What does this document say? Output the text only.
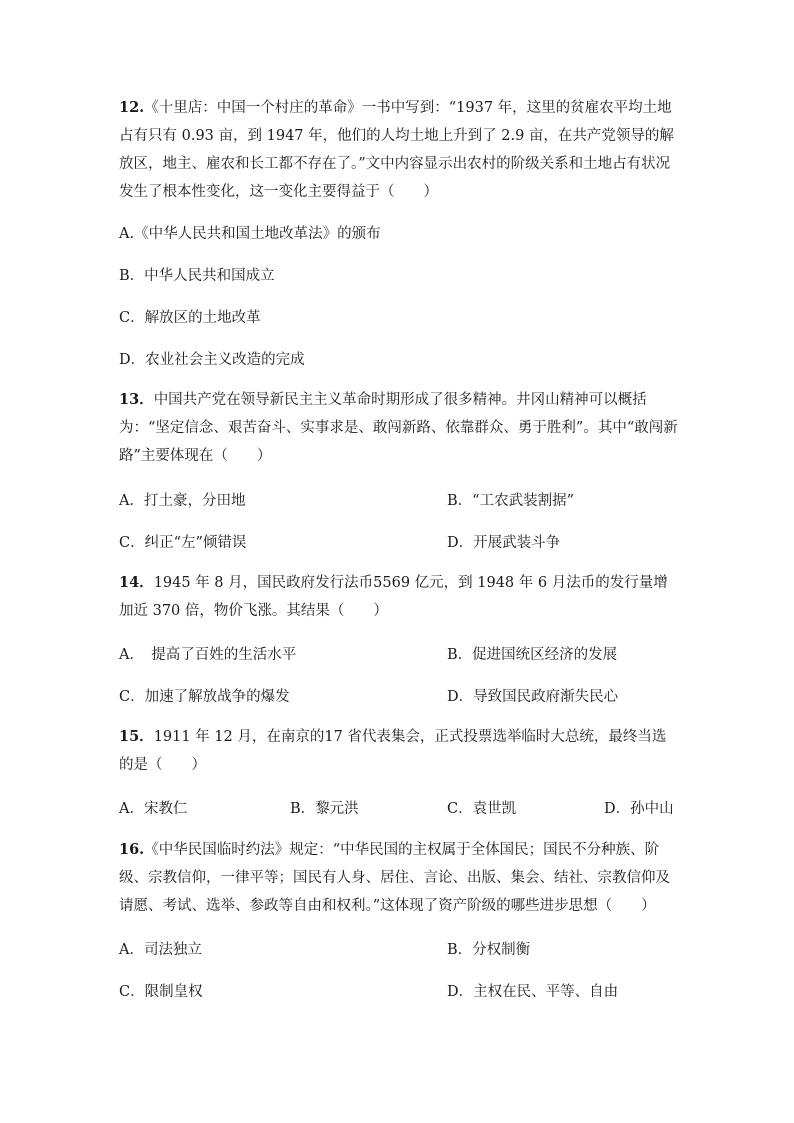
12.《十里店：中国一个村庄的革命》一书中写到：“1937 年，这里的贫雇农平均土地占有只有 0.93 亩，到 1947 年，他们的人均土地上升到了 2.9 亩，在共产党领导的解放区，地主、雇农和长工都不存在了。”文中内容显示出农村的阶级关系和土地占有状况发生了根本性变化，这一变化主要得益于（　　）

A.《中华人民共和国土地改革法》的颁布
B．中华人民共和国成立
C．解放区的土地改革
D．农业社会主义改造的完成

13．中国共产党在领导新民主主义革命时期形成了很多精神。井冈山精神可以概括为：“坚定信念、艰苦奋斗、实事求是、敢闯新路、依靠群众、勇于胜利”。其中“敢闯新路”主要体现在（　　）

A．打土豪，分田地	B．“工农武装割据”
C．纠正“左”倾错误	D．开展武装斗争

14．1945 年 8 月，国民政府发行法币5569 亿元，到 1948 年 6 月法币的发行量增加近 370 倍，物价飞涨。其结果（　　）

A．　提高了百姓的生活水平	B．促进国统区经济的发展
C．加速了解放战争的爆发	D．导致国民政府渐失民心

15．1911 年 12 月，在南京的17 省代表集会，正式投票选举临时大总统，最终当选的是（　　）

A．宋教仁	B．黎元洪	C．袁世凯	D．孙中山

16.《中华民国临时约法》规定：“中华民国的主权属于全体国民；国民不分种族、阶级、宗教信仰，一律平等；国民有人身、居住、言论、出版、集会、结社、宗教信仰及请愿、考试、选举、参政等自由和权利。”这体现了资产阶级的哪些进步思想（　　）

A．司法独立	B．分权制衡
C．限制皇权	D．主权在民、平等、自由
